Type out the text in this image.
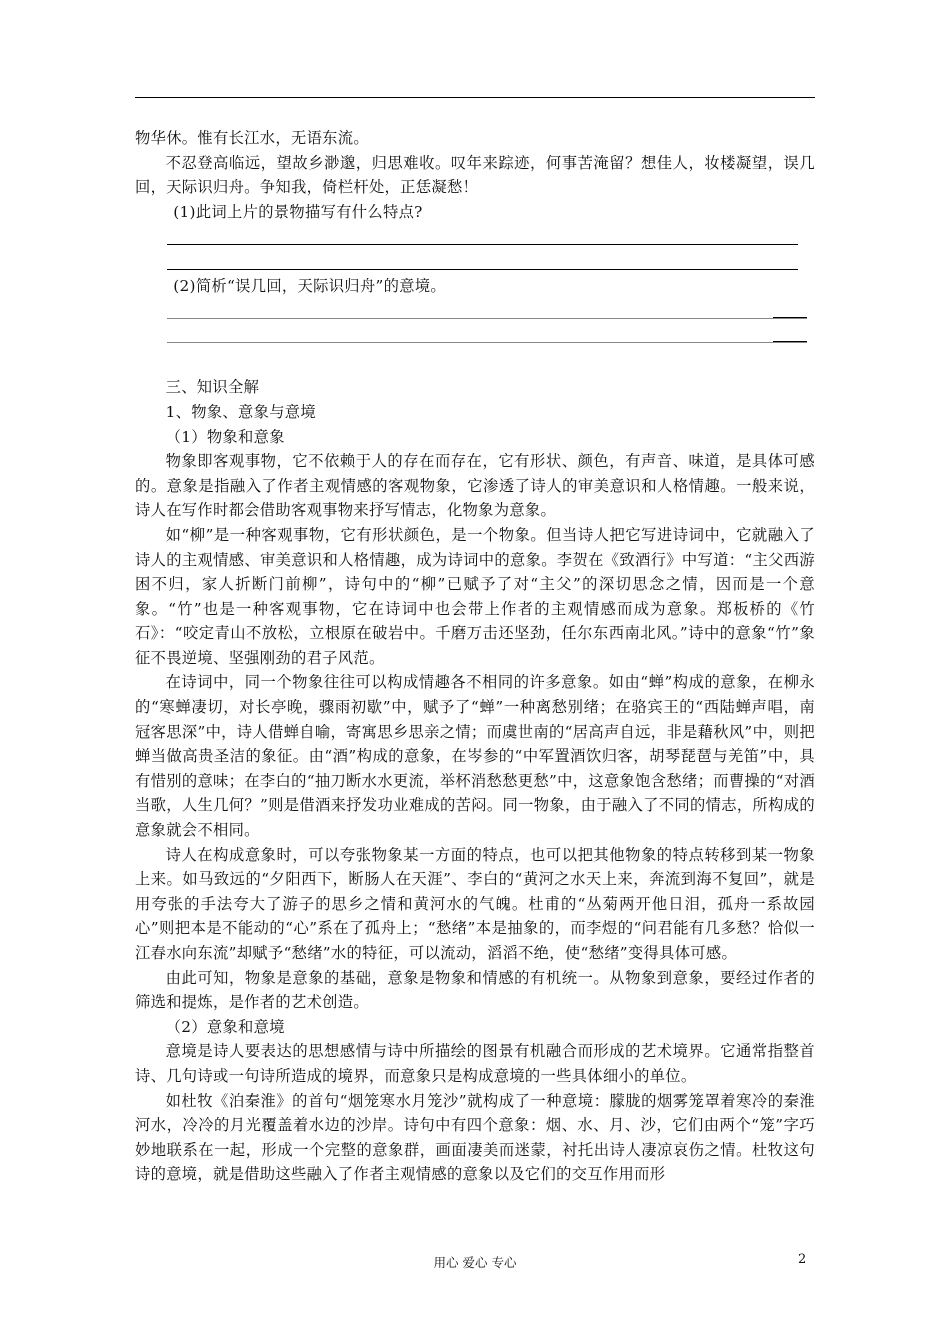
物华休。惟有长江水，无语东流。

不忍登高临远，望故乡渺邈，归思难收。叹年来踪迹，何事苦淹留？想佳人，妆楼凝望，误几回，天际识归舟。争知我，倚栏杆处，正恁凝愁！

(1)此词上片的景物描写有什么特点?

(2)简析“误几回，天际识归舟”的意境。

三、知识全解

1、物象、意象与意境

（1）物象和意象

物象即客观事物，它不依赖于人的存在而存在，它有形状、颜色，有声音、味道，是具体可感的。意象是指融入了作者主观情感的客观物象，它渗透了诗人的审美意识和人格情趣。一般来说，诗人在写作时都会借助客观事物来抒写情志，化物象为意象。

如“柳”是一种客观事物，它有形状颜色，是一个物象。但当诗人把它写进诗词中，它就融入了诗人的主观情感、审美意识和人格情趣，成为诗词中的意象。李贺在《致酒行》中写道：“主父西游困不归，家人折断门前柳”，诗句中的“柳”已赋予了对“主父”的深切思念之情，因而是一个意象。“竹”也是一种客观事物，它在诗词中也会带上作者的主观情感而成为意象。郑板桥的《竹石》：“咬定青山不放松，立根原在破岩中。千磨万击还坚劲，任尔东西南北风。”诗中的意象“竹”象征不畏逆境、坚强刚劲的君子风范。

在诗词中，同一个物象往往可以构成情趣各不相同的许多意象。如由“蝉”构成的意象，在柳永的“寒蝉凄切，对长亭晚，骤雨初歇”中，赋予了“蝉”一种离愁别绪；在骆宾王的“西陆蝉声唱，南冠客思深”中，诗人借蝉自喻，寄寓思乡思亲之情；而虞世南的“居高声自远，非是藉秋风”中，则把蝉当做高贵圣洁的象征。由“酒”构成的意象，在岑参的“中军置酒饮归客，胡琴琵琶与羌笛”中，具有惜别的意味；在李白的“抽刀断水水更流，举杯消愁愁更愁”中，这意象饱含愁绪；而曹操的“对酒当歌，人生几何？”则是借酒来抒发功业难成的苦闷。同一物象，由于融入了不同的情志，所构成的意象就会不相同。

诗人在构成意象时，可以夸张物象某一方面的特点，也可以把其他物象的特点转移到某一物象上来。如马致远的“夕阳西下，断肠人在天涯”、李白的“黄河之水天上来，奔流到海不复回”，就是用夸张的手法夸大了游子的思乡之情和黄河水的气魄。杜甫的“丛菊两开他日泪，孤舟一系故园心”则把本是不能动的“心”系在了孤舟上；“愁绪”本是抽象的，而李煜的“问君能有几多愁？恰似一江春水向东流”却赋予“愁绪”水的特征，可以流动，滔滔不绝，使“愁绪”变得具体可感。

由此可知，物象是意象的基础，意象是物象和情感的有机统一。从物象到意象，要经过作者的筛选和提炼，是作者的艺术创造。

（2）意象和意境

意境是诗人要表达的思想感情与诗中所描绘的图景有机融合而形成的艺术境界。它通常指整首诗、几句诗或一句诗所造成的境界，而意象只是构成意境的一些具体细小的单位。

如杜牧《泊秦淮》的首句“烟笼寒水月笼沙”就构成了一种意境：朦胧的烟雾笼罩着寒冷的秦淮河水，冷冷的月光覆盖着水边的沙岸。诗句中有四个意象：烟、水、月、沙，它们由两个“笼”字巧妙地联系在一起，形成一个完整的意象群，画面凄美而迷蒙，衬托出诗人凄凉哀伤之情。杜牧这句诗的意境，就是借助这些融入了作者主观情感的意象以及它们的交互作用而形

用心 爱心 专心	2
